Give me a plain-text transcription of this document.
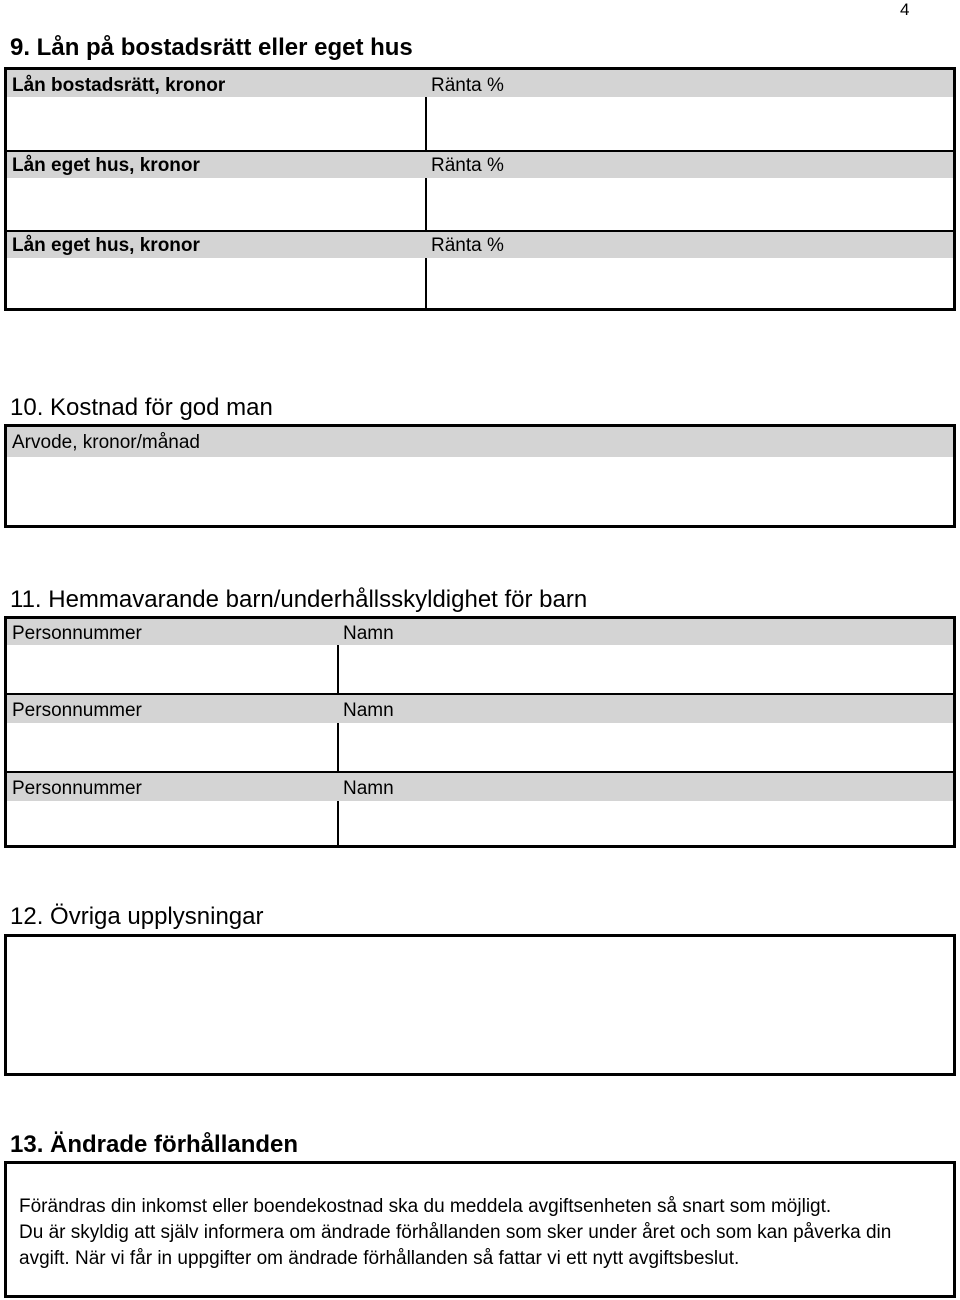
4
9. Lån på bostadsrätt eller eget hus
Lån bostadsrätt, kronor	Ränta %
Lån eget hus, kronor	Ränta %
Lån eget hus, kronor	Ränta %
10. Kostnad för god man
Arvode, kronor/månad
11. Hemmavarande barn/underhållsskyldighet för barn
Personnummer	Namn
Personnummer	Namn
Personnummer	Namn
12. Övriga upplysningar
13. Ändrade förhållanden

Förändras din inkomst eller boendekostnad ska du meddela avgiftsenheten så snart som möjligt.

Du är skyldig att själv informera om ändrade förhållanden som sker under året och som kan påverka din avgift. När vi får in uppgifter om ändrade förhållanden så fattar vi ett nytt avgiftsbeslut.
